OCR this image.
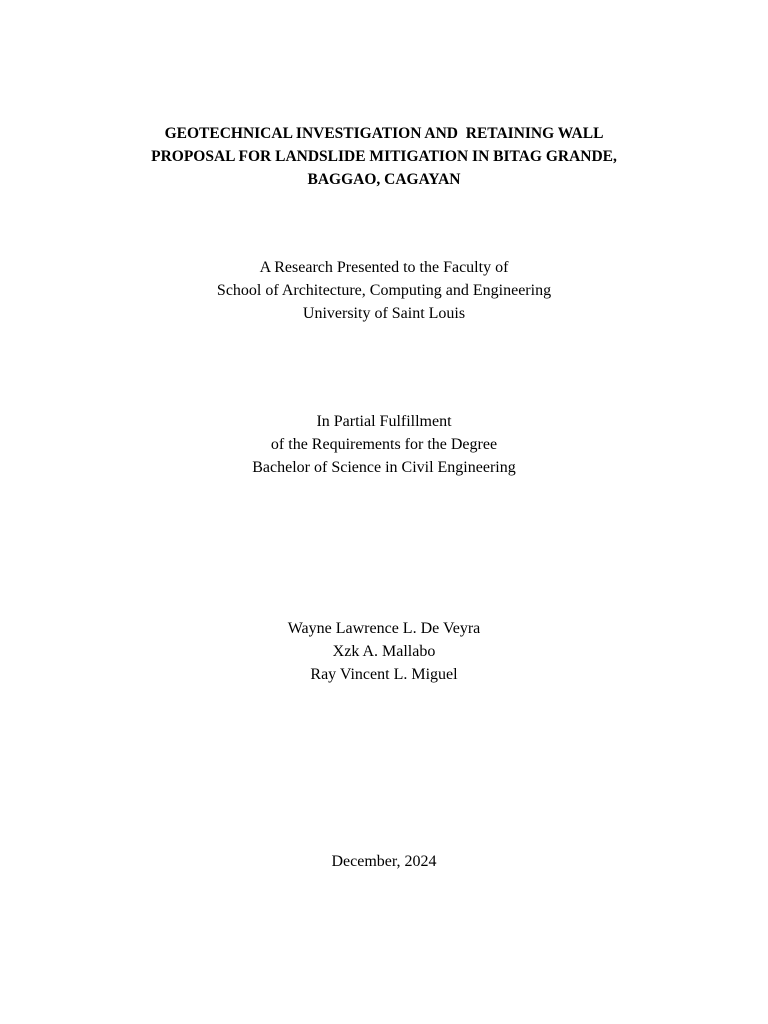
GEOTECHNICAL INVESTIGATION AND  RETAINING WALL
PROPOSAL FOR LANDSLIDE MITIGATION IN BITAG GRANDE,
BAGGAO, CAGAYAN
A Research Presented to the Faculty of
School of Architecture, Computing and Engineering
University of Saint Louis
In Partial Fulfillment
of the Requirements for the Degree
Bachelor of Science in Civil Engineering
Wayne Lawrence L. De Veyra
Xzk A. Mallabo
Ray Vincent L. Miguel
December, 2024
